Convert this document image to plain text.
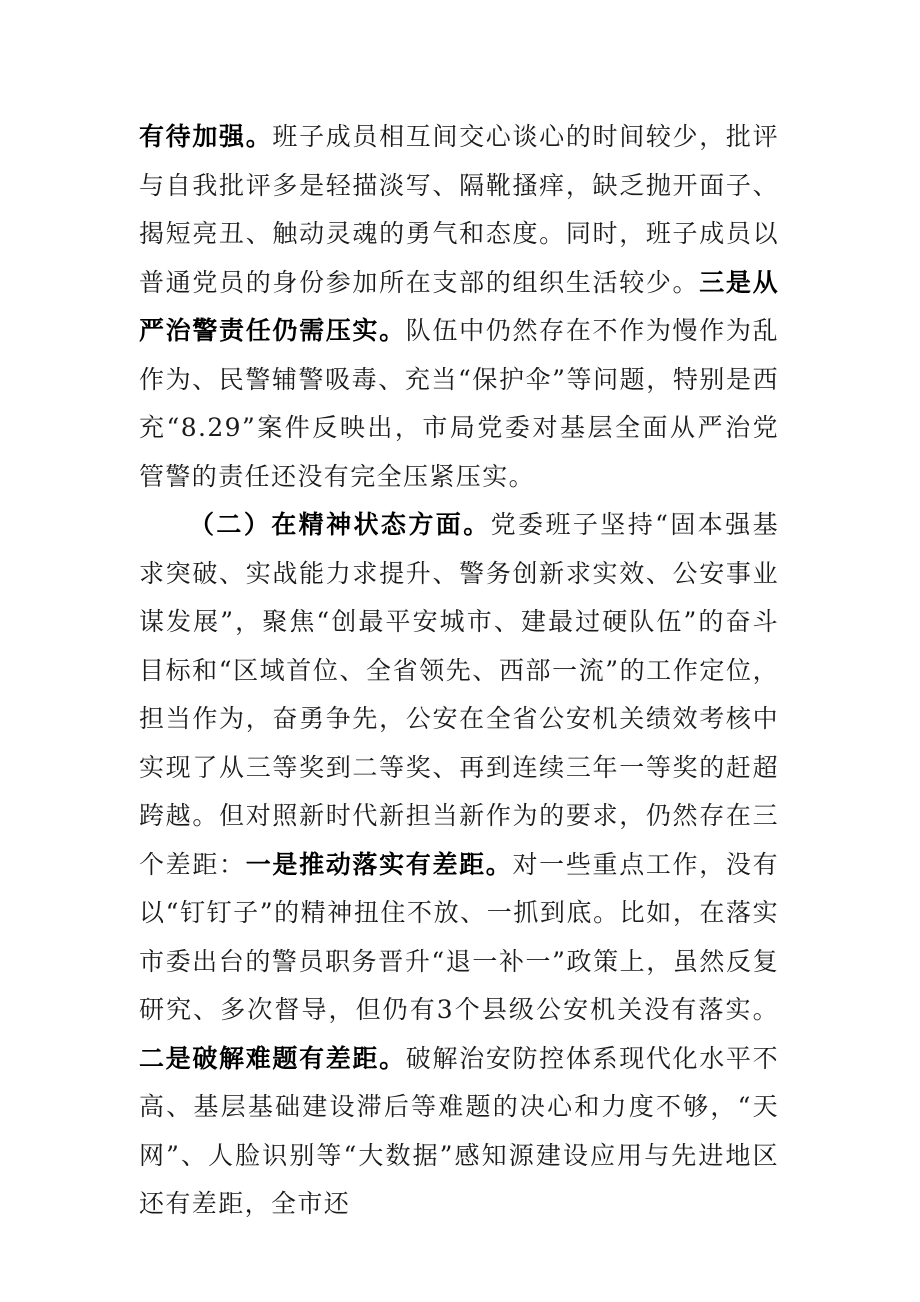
有待加强。班子成员相互间交心谈心的时间较少，批评与自我批评多是轻描淡写、隔靴搔痒，缺乏抛开面子、揭短亮丑、触动灵魂的勇气和态度。同时，班子成员以普通党员的身份参加所在支部的组织生活较少。三是从严治警责任仍需压实。队伍中仍然存在不作为慢作为乱作为、民警辅警吸毒、充当“保护伞”等问题，特别是西充“8.29”案件反映出，市局党委对基层全面从严治党管警的责任还没有完全压紧压实。

（二）在精神状态方面。党委班子坚持“固本强基求突破、实战能力求提升、警务创新求实效、公安事业谋发展”，聚焦“创最平安城市、建最过硬队伍”的奋斗目标和“区域首位、全省领先、西部一流”的工作定位，担当作为，奋勇争先，公安在全省公安机关绩效考核中实现了从三等奖到二等奖、再到连续三年一等奖的赶超跨越。但对照新时代新担当新作为的要求，仍然存在三个差距：一是推动落实有差距。对一些重点工作，没有以“钉钉子”的精神扭住不放、一抓到底。比如，在落实市委出台的警员职务晋升“退一补一”政策上，虽然反复研究、多次督导，但仍有3个县级公安机关没有落实。二是破解难题有差距。破解治安防控体系现代化水平不高、基层基础建设滞后等难题的决心和力度不够，“天网”、人脸识别等“大数据”感知源建设应用与先进地区还有差距，全市还
